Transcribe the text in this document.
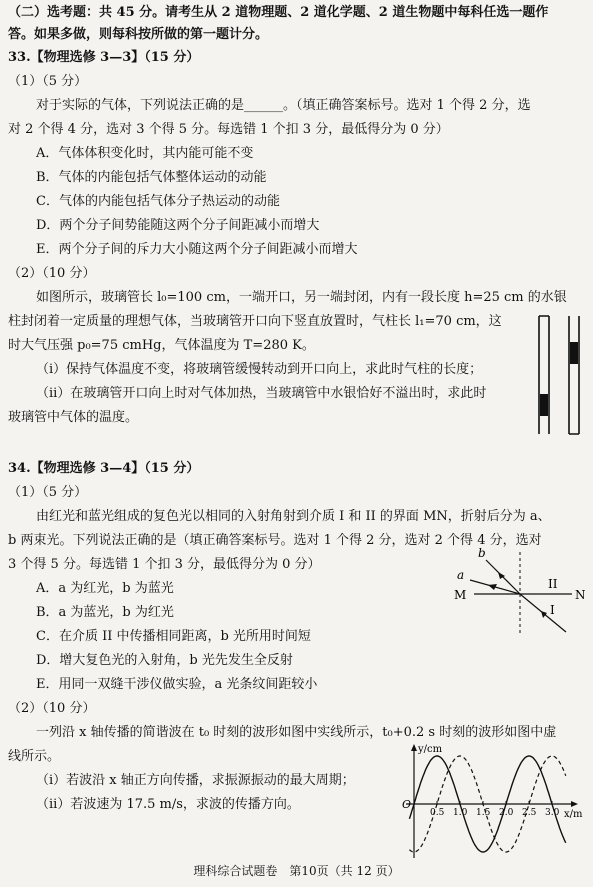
（二）选考题：共 45 分。请考生从 2 道物理题、2 道化学题、2 道生物题中每科任选一题作
答。如果多做，则每科按所做的第一题计分。
33.【物理选修 3—3】（15 分）
（1）（5 分）
对于实际的气体，下列说法正确的是______。（填正确答案标号。选对 1 个得 2 分，选
对 2 个得 4 分，选对 3 个得 5 分。每选错 1 个扣 3 分，最低得分为 0 分）
A．气体体积变化时，其内能可能不变
B．气体的内能包括气体整体运动的动能
C．气体的内能包括气体分子热运动的动能
D．两个分子间势能随这两个分子间距减小而增大
E．两个分子间的斥力大小随这两个分子间距减小而增大
（2）（10 分）
如图所示，玻璃管长 l₀=100 cm，一端开口，另一端封闭，内有一段长度 h=25 cm 的水银
柱封闭着一定质量的理想气体，当玻璃管开口向下竖直放置时，气柱长 l₁=70 cm，这
时大气压强 p₀=75 cmHg，气体温度为 T=280 K。
（i）保持气体温度不变，将玻璃管缓慢转动到开口向上，求此时气柱的长度；
（ii）在玻璃管开口向上时对气体加热，当玻璃管中水银恰好不溢出时，求此时
玻璃管中气体的温度。
34.【物理选修 3—4】（15 分）
（1）（5 分）
由红光和蓝光组成的复色光以相同的入射角射到介质 I 和 II 的界面 MN，折射后分为 a、
b 两束光。下列说法正确的是（填正确答案标号。选对 1 个得 2 分，选对 2 个得 4 分，选对
3 个得 5 分。每选错 1 个扣 3 分，最低得分为 0 分）
A．a 为红光，b 为蓝光
B．a 为蓝光，b 为红光
C．在介质 II 中传播相同距离，b 光所用时间短
D．增大复色光的入射角，b 光先发生全反射
E．用同一双缝干涉仪做实验，a 光条纹间距较小
b
a
II
M	N
I
（2）（10 分）
一列沿 x 轴传播的简谐波在 t₀ 时刻的波形如图中实线所示，t₀+0.2 s 时刻的波形如图中虚
线所示。
（i）若波沿 x 轴正方向传播，求振源振动的最大周期；
（ii）若波速为 17.5 m/s，求波的传播方向。
y/cm
x/m
O
0.5 1.0 1.5 2.0 2.5 3.0
理科综合试题卷　第10页（共 12 页）
